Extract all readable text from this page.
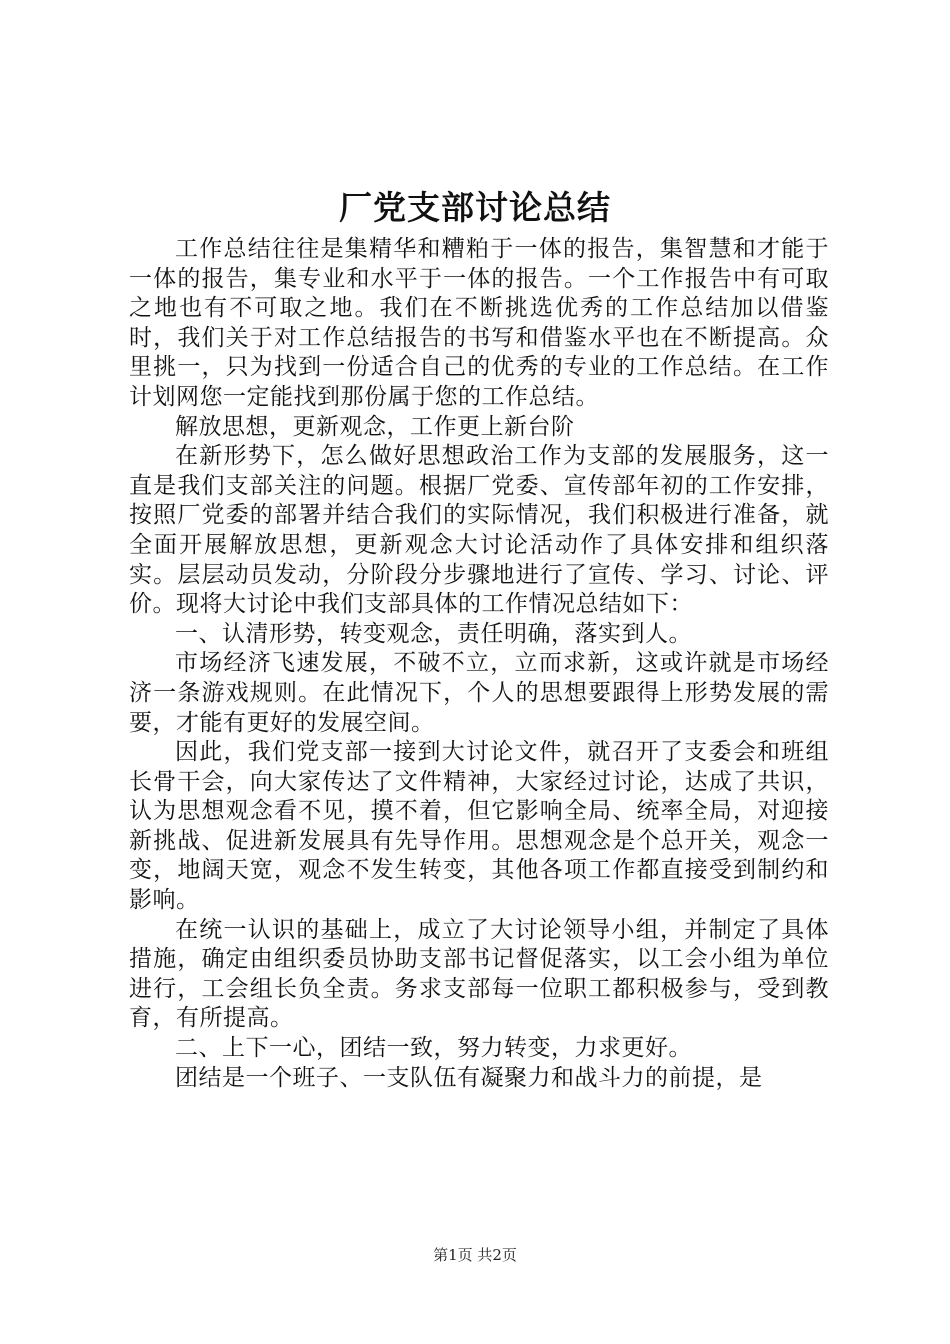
厂党支部讨论总结

工作总结往往是集精华和糟粕于一体的报告，集智慧和才能于一体的报告，集专业和水平于一体的报告。一个工作报告中有可取之地也有不可取之地。我们在不断挑选优秀的工作总结加以借鉴时，我们关于对工作总结报告的书写和借鉴水平也在不断提高。众里挑一，只为找到一份适合自己的优秀的专业的工作总结。在工作计划网您一定能找到那份属于您的工作总结。

解放思想，更新观念，工作更上新台阶

在新形势下，怎么做好思想政治工作为支部的发展服务，这一直是我们支部关注的问题。根据厂党委、宣传部年初的工作安排，按照厂党委的部署并结合我们的实际情况，我们积极进行准备，就全面开展解放思想，更新观念大讨论活动作了具体安排和组织落实。层层动员发动，分阶段分步骤地进行了宣传、学习、讨论、评价。现将大讨论中我们支部具体的工作情况总结如下：

一、认清形势，转变观念，责任明确，落实到人。

市场经济飞速发展，不破不立，立而求新，这或许就是市场经济一条游戏规则。在此情况下，个人的思想要跟得上形势发展的需要，才能有更好的发展空间。

因此，我们党支部一接到大讨论文件，就召开了支委会和班组长骨干会，向大家传达了文件精神，大家经过讨论，达成了共识，认为思想观念看不见，摸不着，但它影响全局、统率全局，对迎接新挑战、促进新发展具有先导作用。思想观念是个总开关，观念一变，地阔天宽，观念不发生转变，其他各项工作都直接受到制约和影响。

在统一认识的基础上，成立了大讨论领导小组，并制定了具体措施，确定由组织委员协助支部书记督促落实，以工会小组为单位进行，工会组长负全责。务求支部每一位职工都积极参与，受到教育，有所提高。

二、上下一心，团结一致，努力转变，力求更好。

团结是一个班子、一支队伍有凝聚力和战斗力的前提，是

第1页 共2页
